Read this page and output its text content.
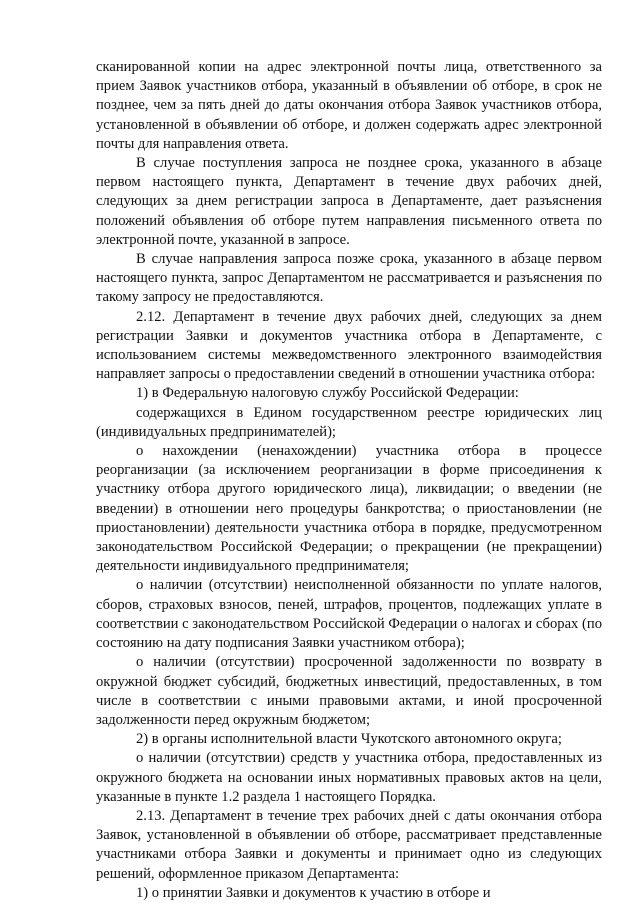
сканированной копии на адрес электронной почты лица, ответственного за прием Заявок участников отбора, указанный в объявлении об отборе, в срок не позднее, чем за пять дней до даты окончания отбора Заявок участников отбора, установленной в объявлении об отборе, и должен содержать адрес электронной почты для направления ответа.

В случае поступления запроса не позднее срока, указанного в абзаце первом настоящего пункта, Департамент в течение двух рабочих дней, следующих за днем регистрации запроса в Департаменте, дает разъяснения положений объявления об отборе путем направления письменного ответа по электронной почте, указанной в запросе.

В случае направления запроса позже срока, указанного в абзаце первом настоящего пункта, запрос Департаментом не рассматривается и разъяснения по такому запросу не предоставляются.

2.12. Департамент в течение двух рабочих дней, следующих за днем регистрации Заявки и документов участника отбора в Департаменте, с использованием системы межведомственного электронного взаимодействия направляет запросы о предоставлении сведений в отношении участника отбора:

1) в Федеральную налоговую службу Российской Федерации:

содержащихся в Едином государственном реестре юридических лиц (индивидуальных предпринимателей);

о нахождении (ненахождении) участника отбора в процессе реорганизации (за исключением реорганизации в форме присоединения к участнику отбора другого юридического лица), ликвидации; о введении (не введении) в отношении него процедуры банкротства; о приостановлении (не приостановлении) деятельности участника отбора в порядке, предусмотренном законодательством Российской Федерации; о прекращении (не прекращении) деятельности индивидуального предпринимателя;

о наличии (отсутствии) неисполненной обязанности по уплате налогов, сборов, страховых взносов, пеней, штрафов, процентов, подлежащих уплате в соответствии с законодательством Российской Федерации о налогах и сборах (по состоянию на дату подписания Заявки участником отбора);

о наличии (отсутствии) просроченной задолженности по возврату в окружной бюджет субсидий, бюджетных инвестиций, предоставленных, в том числе в соответствии с иными правовыми актами, и иной просроченной задолженности перед окружным бюджетом;

2) в органы исполнительной власти Чукотского автономного округа;

о наличии (отсутствии) средств у участника отбора, предоставленных из окружного бюджета на основании иных нормативных правовых актов на цели, указанные в пункте 1.2 раздела 1 настоящего Порядка.

2.13. Департамент в течение трех рабочих дней с даты окончания отбора Заявок, установленной в объявлении об отборе, рассматривает представленные участниками отбора Заявки и документы и принимает одно из следующих решений, оформленное приказом Департамента:

1) о принятии Заявки и документов к участию в отборе и
